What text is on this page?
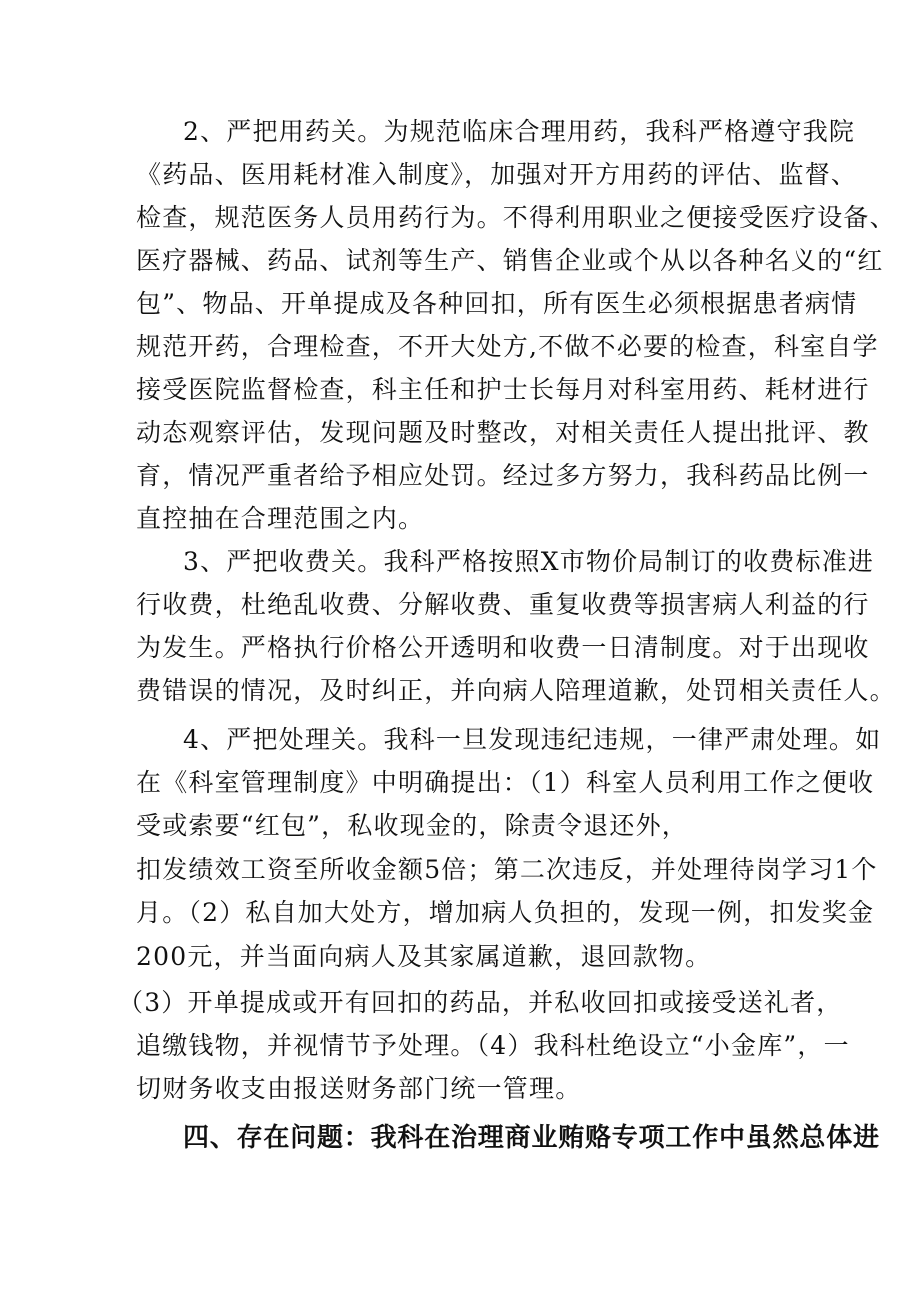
2、严把用药关。为规范临床合理用药，我科严格遵守我院
《药品、医用耗材准入制度》，加强对开方用药的评估、监督、
检查，规范医务人员用药行为。不得利用职业之便接受医疗设备、
医疗器械、药品、试剂等生产、销售企业或个从以各种名义的“红
包”、物品、开单提成及各种回扣，所有医生必须根据患者病情
规范开药，合理检查，不开大处方,不做不必要的检查，科室自学
接受医院监督检查，科主任和护士长每月对科室用药、耗材进行
动态观察评估，发现问题及时整改，对相关责任人提出批评、教
育，情况严重者给予相应处罚。经过多方努力，我科药品比例一
直控抽在合理范围之内。
3、严把收费关。我科严格按照X市物价局制订的收费标准进
行收费，杜绝乱收费、分解收费、重复收费等损害病人利益的行
为发生。严格执行价格公开透明和收费一日清制度。对于出现收
费错误的情况，及时纠正，并向病人陪理道歉，处罚相关责任人。
4、严把处理关。我科一旦发现违纪违规，一律严肃处理。如
在《科室管理制度》中明确提出：（1）科室人员利用工作之便收
受或索要“红包”，私收现金的，除责令退还外，
扣发绩效工资至所收金额5倍；第二次违反，并处理待岗学习1个
月。（2）私自加大处方，增加病人负担的，发现一例，扣发奖金
200元，并当面向病人及其家属道歉，退回款物。
（3）开单提成或开有回扣的药品，并私收回扣或接受送礼者，
追缴钱物，并视情节予处理。（4）我科杜绝设立“小金库”，一
切财务收支由报送财务部门统一管理。
四、存在问题：我科在治理商业贿赂专项工作中虽然总体进
